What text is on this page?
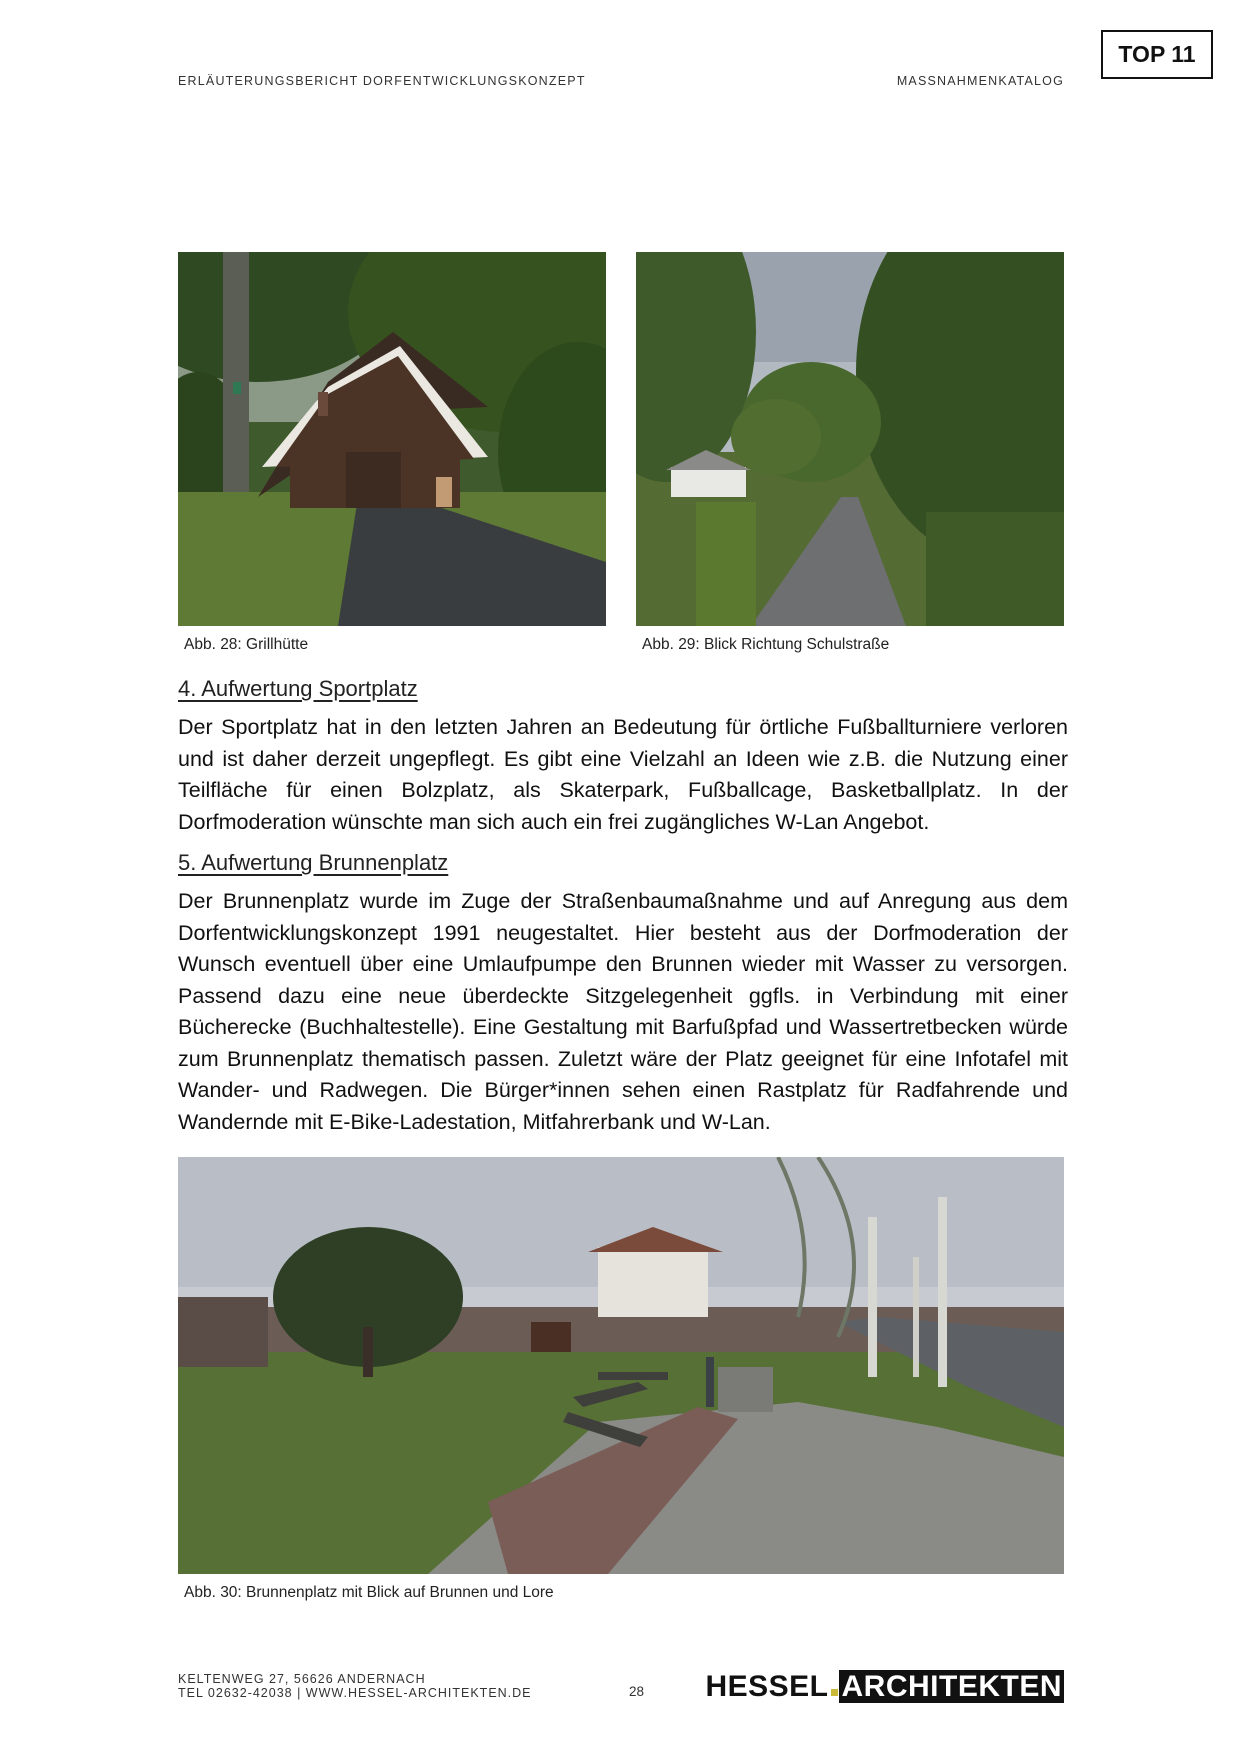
ERLÄUTERUNGSBERICHT DORFENTWICKLUNGSKONZEPT	MASSNAHMENKATALOG
TOP 11
Abb. 28: Grillhütte	Abb. 29: Blick Richtung Schulstraße
4. Aufwertung Sportplatz
Der Sportplatz hat in den letzten Jahren an Bedeutung für örtliche Fußballturniere verloren und ist daher derzeit ungepflegt. Es gibt eine Vielzahl an Ideen wie z.B. die Nutzung einer Teilfläche für einen Bolzplatz, als Skaterpark, Fußballcage, Basketballplatz. In der Dorfmoderation wünschte man sich auch ein frei zugängliches W-Lan Angebot.
5. Aufwertung Brunnenplatz
Der Brunnenplatz wurde im Zuge der Straßenbaumaßnahme und auf Anregung aus dem Dorfentwicklungskonzept 1991 neugestaltet. Hier besteht aus der Dorfmoderation der Wunsch eventuell über eine Umlaufpumpe den Brunnen wieder mit Wasser zu versorgen. Passend dazu eine neue überdeckte Sitzgelegenheit ggfls. in Verbindung mit einer Bücherecke (Buchhaltestelle). Eine Gestaltung mit Barfußpfad und Wassertretbecken würde zum Brunnenplatz thematisch passen. Zuletzt wäre der Platz geeignet für eine Infotafel mit Wander- und Radwegen. Die Bürger*innen sehen einen Rastplatz für Radfahrende und Wandernde mit E-Bike-Ladestation, Mitfahrerbank und W-Lan.
Abb. 30: Brunnenplatz mit Blick auf Brunnen und Lore
KELTENWEG 27, 56626 ANDERNACH
TEL 02632-42038 | WWW.HESSEL-ARCHITEKTEN.DE	28 HESSEL ARCHITEKTEN
